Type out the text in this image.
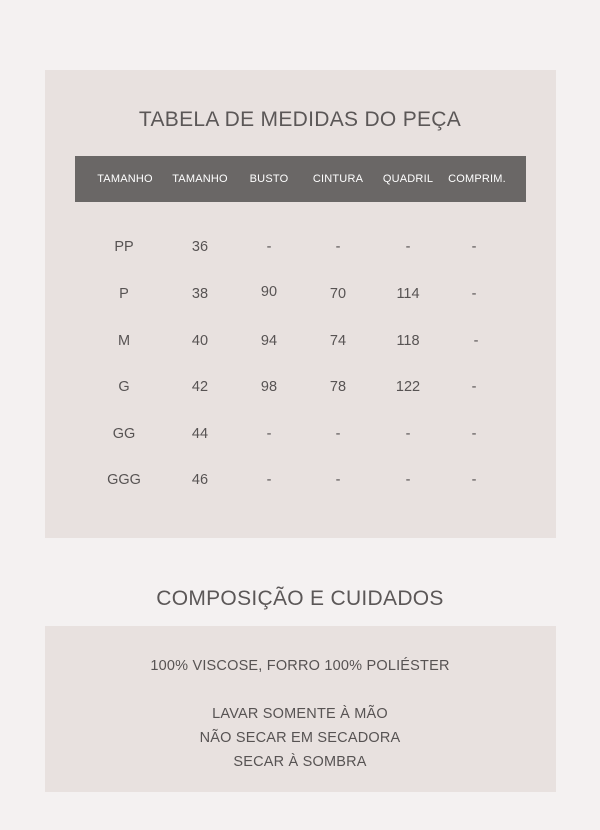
TABELA DE MEDIDAS DO PEÇA
TAMANHO	TAMANHO	BUSTO	CINTURA	QUADRIL	COMPRIM.
PP	36	-	-	-	-
P	38	90	70	114	-
M	40	94	74	118	-
G	42	98	78	122	-
GG	44	-	-	-	-
GGG	46	-	-	-	-
COMPOSIÇÃO E CUIDADOS
100% VISCOSE, FORRO 100% POLIÉSTER
LAVAR SOMENTE À MÃO
NÃO SECAR EM SECADORA
SECAR À SOMBRA
